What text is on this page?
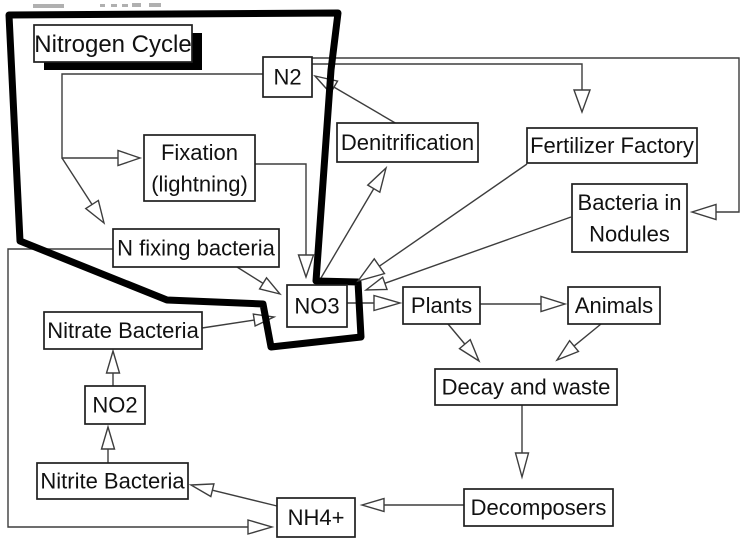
Nitrogen Cycle
N2
Fixation
(lightning)
Denitrification	Fertilizer Factory
Bacteria in
Nodules
N fixing bacteria
NO3
Nitrate Bacteria
Plants	Animals
NO2
Decay and waste
Nitrite Bacteria
NH4+	Decomposers
